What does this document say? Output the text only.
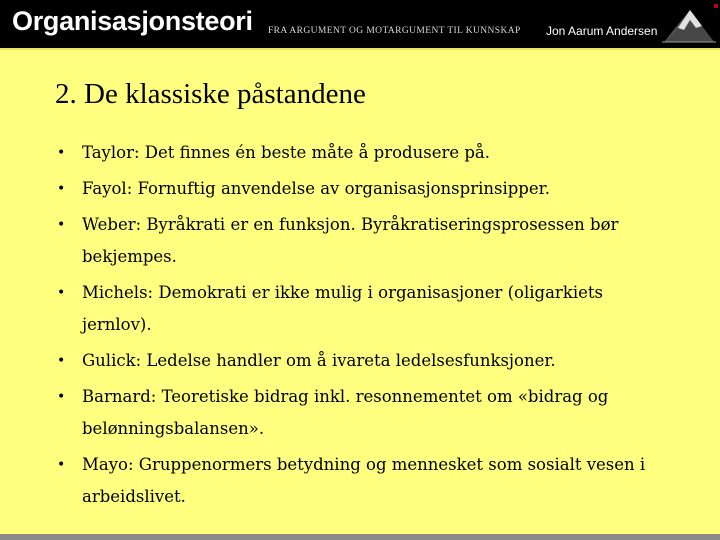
Organisasjonsteori FRA ARGUMENT OG MOTARGUMENT TIL KUNNSKAP Jon Aarum Andersen
2. De klassiske påstandene
• Taylor: Det finnes én beste måte å produsere på.
• Fayol: Fornuftig anvendelse av organisasjonsprinsipper.
• Weber: Byråkrati er en funksjon. Byråkratiseringsprosessen bør bekjempes.
• Michels: Demokrati er ikke mulig i organisasjoner (oligarkiets jernlov).
• Gulick: Ledelse handler om å ivareta ledelsesfunksjoner.
• Barnard: Teoretiske bidrag inkl. resonnementet om «bidrag og belønningsbalansen».
• Mayo: Gruppenormers betydning og mennesket som sosialt vesen i arbeidslivet.
